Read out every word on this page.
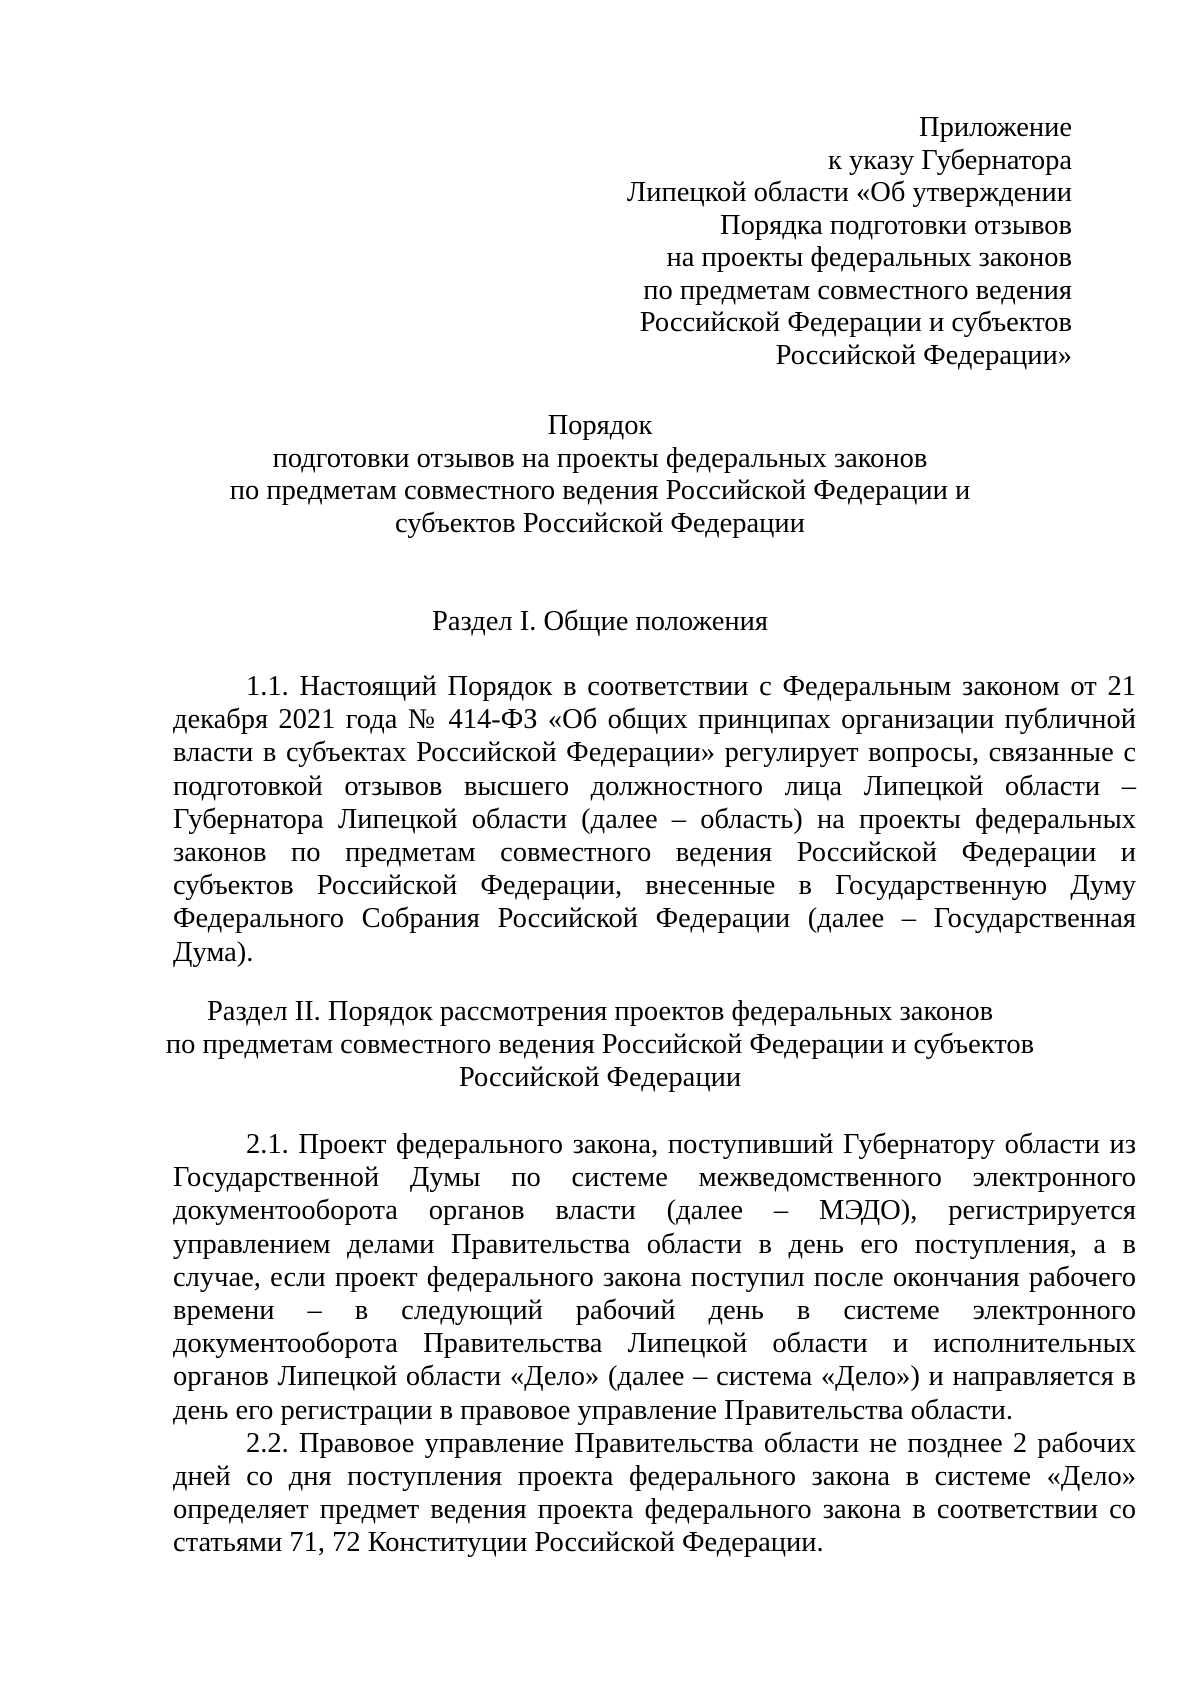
Приложение
к указу Губернатора
Липецкой области «Об утверждении
Порядка подготовки отзывов
на проекты федеральных законов
по предметам совместного ведения
Российской Федерации и субъектов
Российской Федерации»
Порядок
подготовки отзывов на проекты федеральных законов
по предметам совместного ведения Российской Федерации и
субъектов Российской Федерации
Раздел I. Общие положения

1.1. Настоящий Порядок в соответствии с Федеральным законом от 21 декабря 2021 года № 414-ФЗ «Об общих принципах организации публичной власти в субъектах Российской Федерации» регулирует вопросы, связанные с подготовкой отзывов высшего должностного лица Липецкой области – Губернатора Липецкой области (далее – область) на проекты федеральных законов по предметам совместного ведения Российской Федерации и субъектов Российской Федерации, внесенные в Государственную Думу Федерального Собрания Российской Федерации (далее – Государственная Дума).

Раздел II. Порядок рассмотрения проектов федеральных законов
по предметам совместного ведения Российской Федерации и субъектов
Российской Федерации

2.1. Проект федерального закона, поступивший Губернатору области из Государственной Думы по системе межведомственного электронного документооборота органов власти (далее – МЭДО), регистрируется управлением делами Правительства области в день его поступления, а в случае, если проект федерального закона поступил после окончания рабочего времени – в следующий рабочий день в системе электронного документооборота Правительства Липецкой области и исполнительных органов Липецкой области «Дело» (далее – система «Дело») и направляется в день его регистрации в правовое управление Правительства области.

2.2. Правовое управление Правительства области не позднее 2 рабочих дней со дня поступления проекта федерального закона в системе «Дело» определяет предмет ведения проекта федерального закона в соответствии со статьями 71, 72 Конституции Российской Федерации.
